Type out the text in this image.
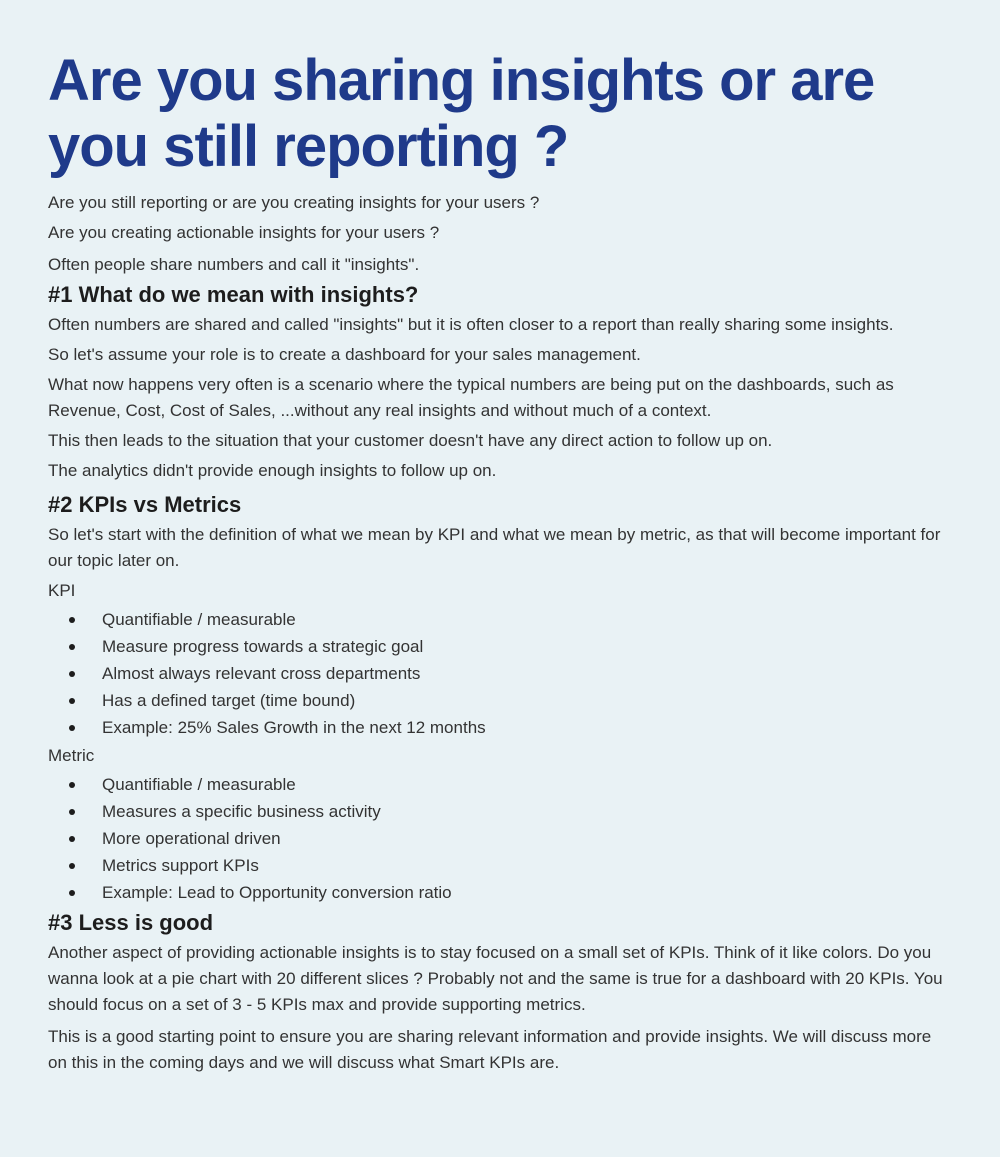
Are you sharing insights or are you still reporting ?

Are you still reporting or are you creating insights for your users ?

Are you creating actionable insights for your users ?

Often people share numbers and call it "insights".

#1 What do we mean with insights?

Often numbers are shared and called "insights" but it is often closer to a report than really sharing some insights.

So let's assume your role is to create a dashboard for your sales management.

What now happens very often is a scenario where the typical numbers are being put on the dashboards, such as Revenue, Cost, Cost of Sales, ...without any real insights and without much of a context.

This then leads to the situation that your customer doesn't have any direct action to follow up on.

The analytics didn't provide enough insights to follow up on.

#2 KPIs vs Metrics

So let's start with the definition of what we mean by KPI and what we mean by metric, as that will become important for our topic later on.

KPI

Quantifiable / measurable
Measure progress towards a strategic goal
Almost always relevant cross departments
Has a defined target (time bound)
Example: 25% Sales Growth in the next 12 months

Metric

Quantifiable / measurable
Measures a specific business activity
More operational driven
Metrics support KPIs
Example: Lead to Opportunity conversion ratio
#3 Less is good

Another aspect of providing actionable insights is to stay focused on a small set of KPIs. Think of it like colors. Do you wanna look at a pie chart with 20 different slices ? Probably not and the same is true for a dashboard with 20 KPIs. You should focus on a set of 3 - 5 KPIs max and provide supporting metrics.

This is a good starting point to ensure you are sharing relevant information and provide insights. We will discuss more on this in the coming days and we will discuss what Smart KPIs are.
